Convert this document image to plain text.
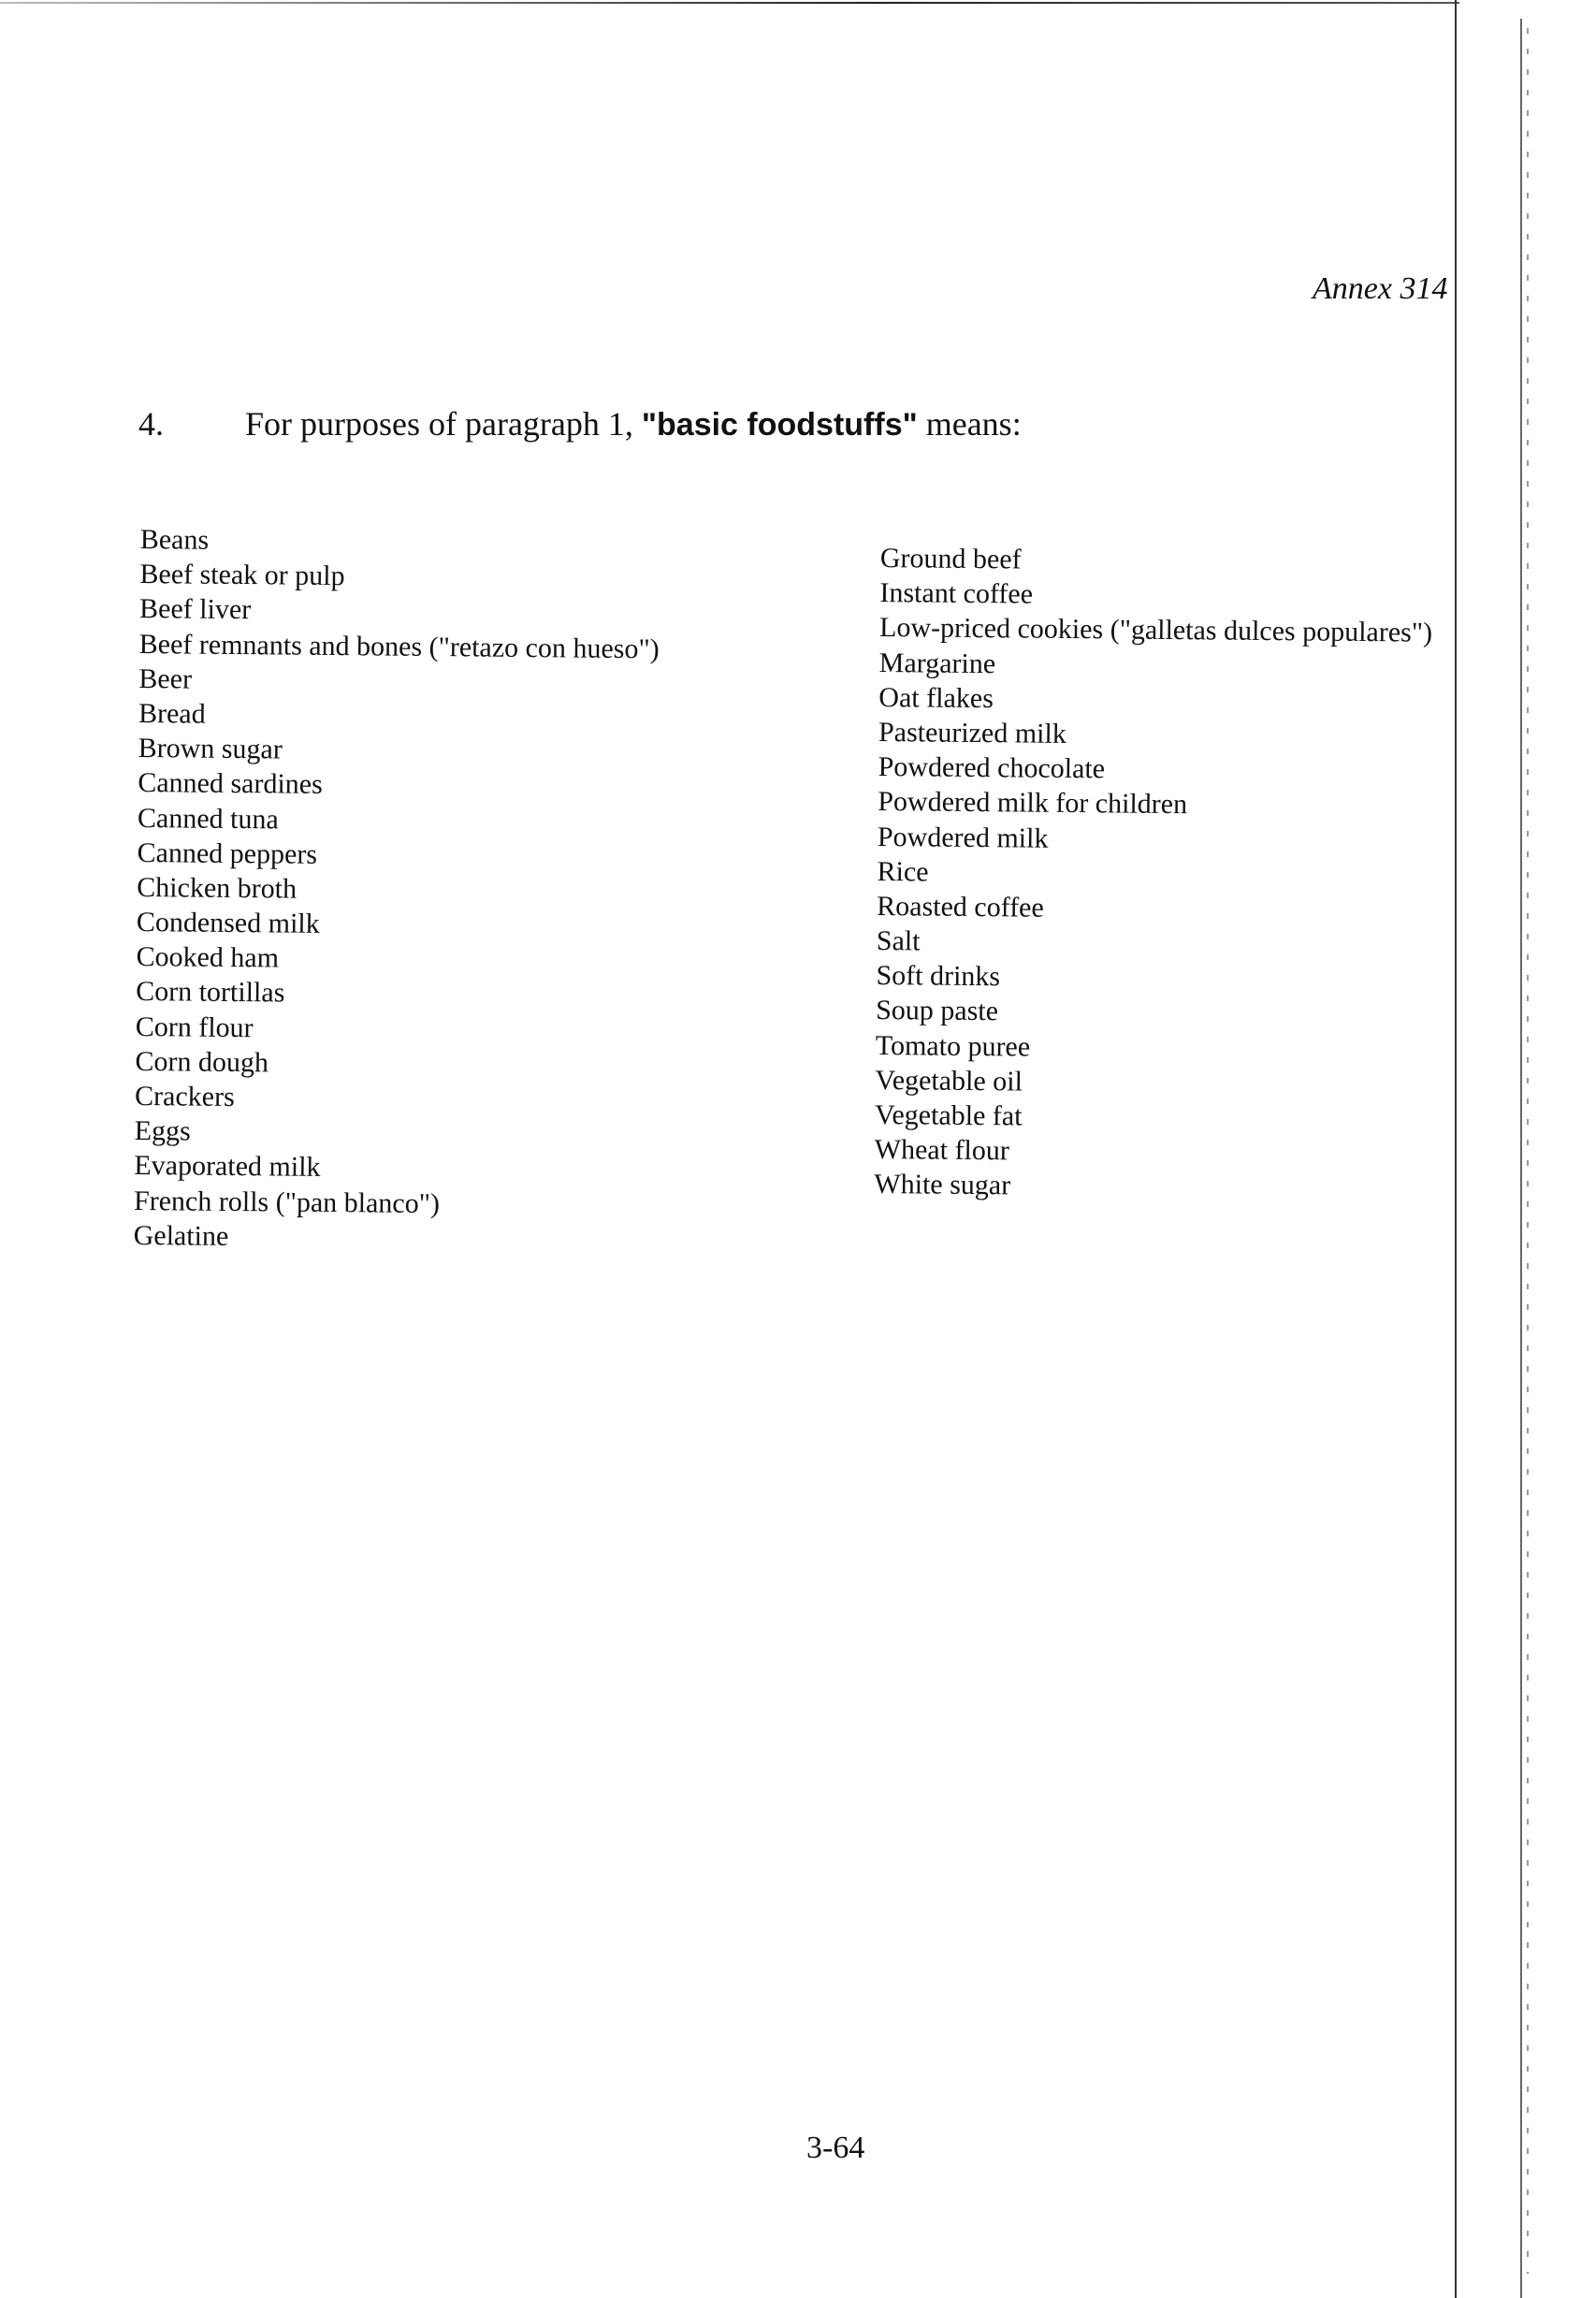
Annex 314
4. For purposes of paragraph 1, "basic foodstuffs" means:
Beans
Beef steak or pulp
Beef liver
Beef remnants and bones ("retazo con hueso")
Beer
Bread
Brown sugar
Canned sardines
Canned tuna
Canned peppers
Chicken broth
Condensed milk
Cooked ham
Corn tortillas
Corn flour
Corn dough
Crackers
Eggs
Evaporated milk
French rolls ("pan blanco")
Gelatine
Ground beef
Instant coffee
Low-priced cookies ("galletas dulces populares")
Margarine
Oat flakes
Pasteurized milk
Powdered chocolate
Powdered milk for children
Powdered milk
Rice
Roasted coffee
Salt
Soft drinks
Soup paste
Tomato puree
Vegetable oil
Vegetable fat
Wheat flour
White sugar
3-64
